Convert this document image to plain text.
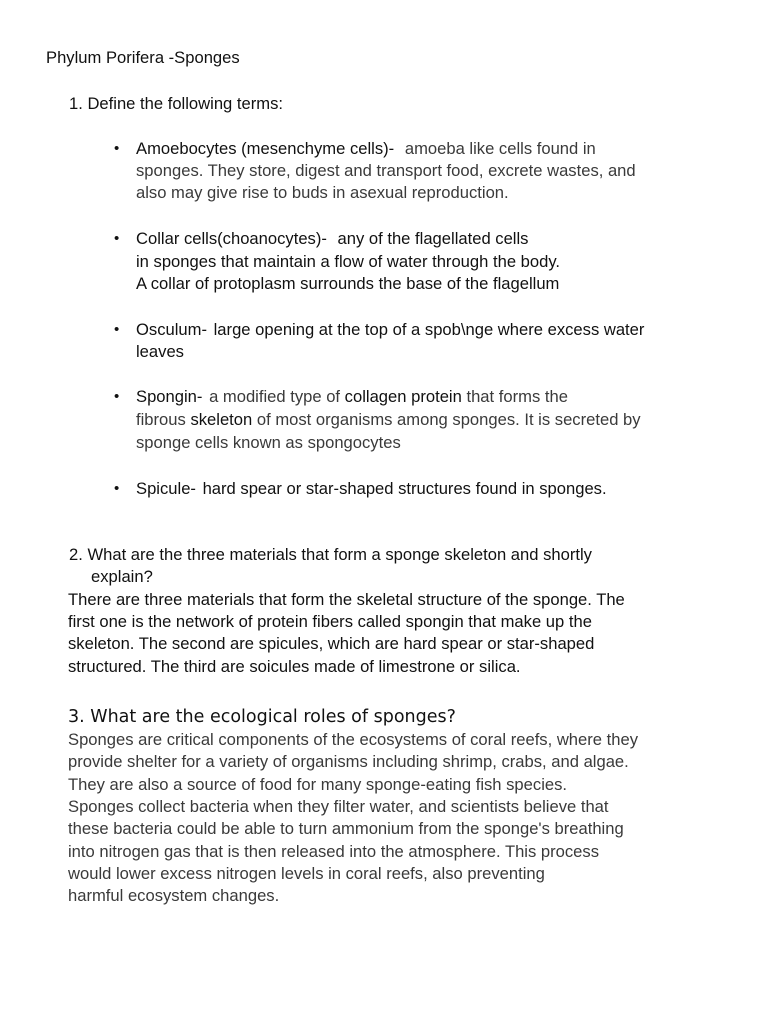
Phylum Porifera -Sponges
1. Define the following terms:
• Amoebocytes (mesenchyme cells)- amoeba like cells found in
sponges. They store, digest and transport food, excrete wastes, and
also may give rise to buds in asexual reproduction.
• Collar cells(choanocytes)- any of the flagellated cells
in sponges that maintain a flow of water through the body.
A collar of protoplasm surrounds the base of the flagellum
• Osculum- large opening at the top of a spob\nge where excess water
leaves
• Spongin- a modified type of collagen protein that forms the
fibrous skeleton of most organisms among sponges. It is secreted by
sponge cells known as spongocytes
• Spicule- hard spear or star-shaped structures found in sponges.
2. What are the three materials that form a sponge skeleton and shortly
explain?
There are three materials that form the skeletal structure of the sponge. The
first one is the network of protein fibers called spongin that make up the
skeleton. The second are spicules, which are hard spear or star-shaped
structured. The third are soicules made of limestrone or silica.
3. What are the ecological roles of sponges?
Sponges are critical components of the ecosystems of coral reefs, where they
provide shelter for a variety of organisms including shrimp, crabs, and algae.
They are also a source of food for many sponge-eating fish species.
Sponges collect bacteria when they filter water, and scientists believe that
these bacteria could be able to turn ammonium from the sponge's breathing
into nitrogen gas that is then released into the atmosphere. This process
would lower excess nitrogen levels in coral reefs, also preventing
harmful ecosystem changes.
